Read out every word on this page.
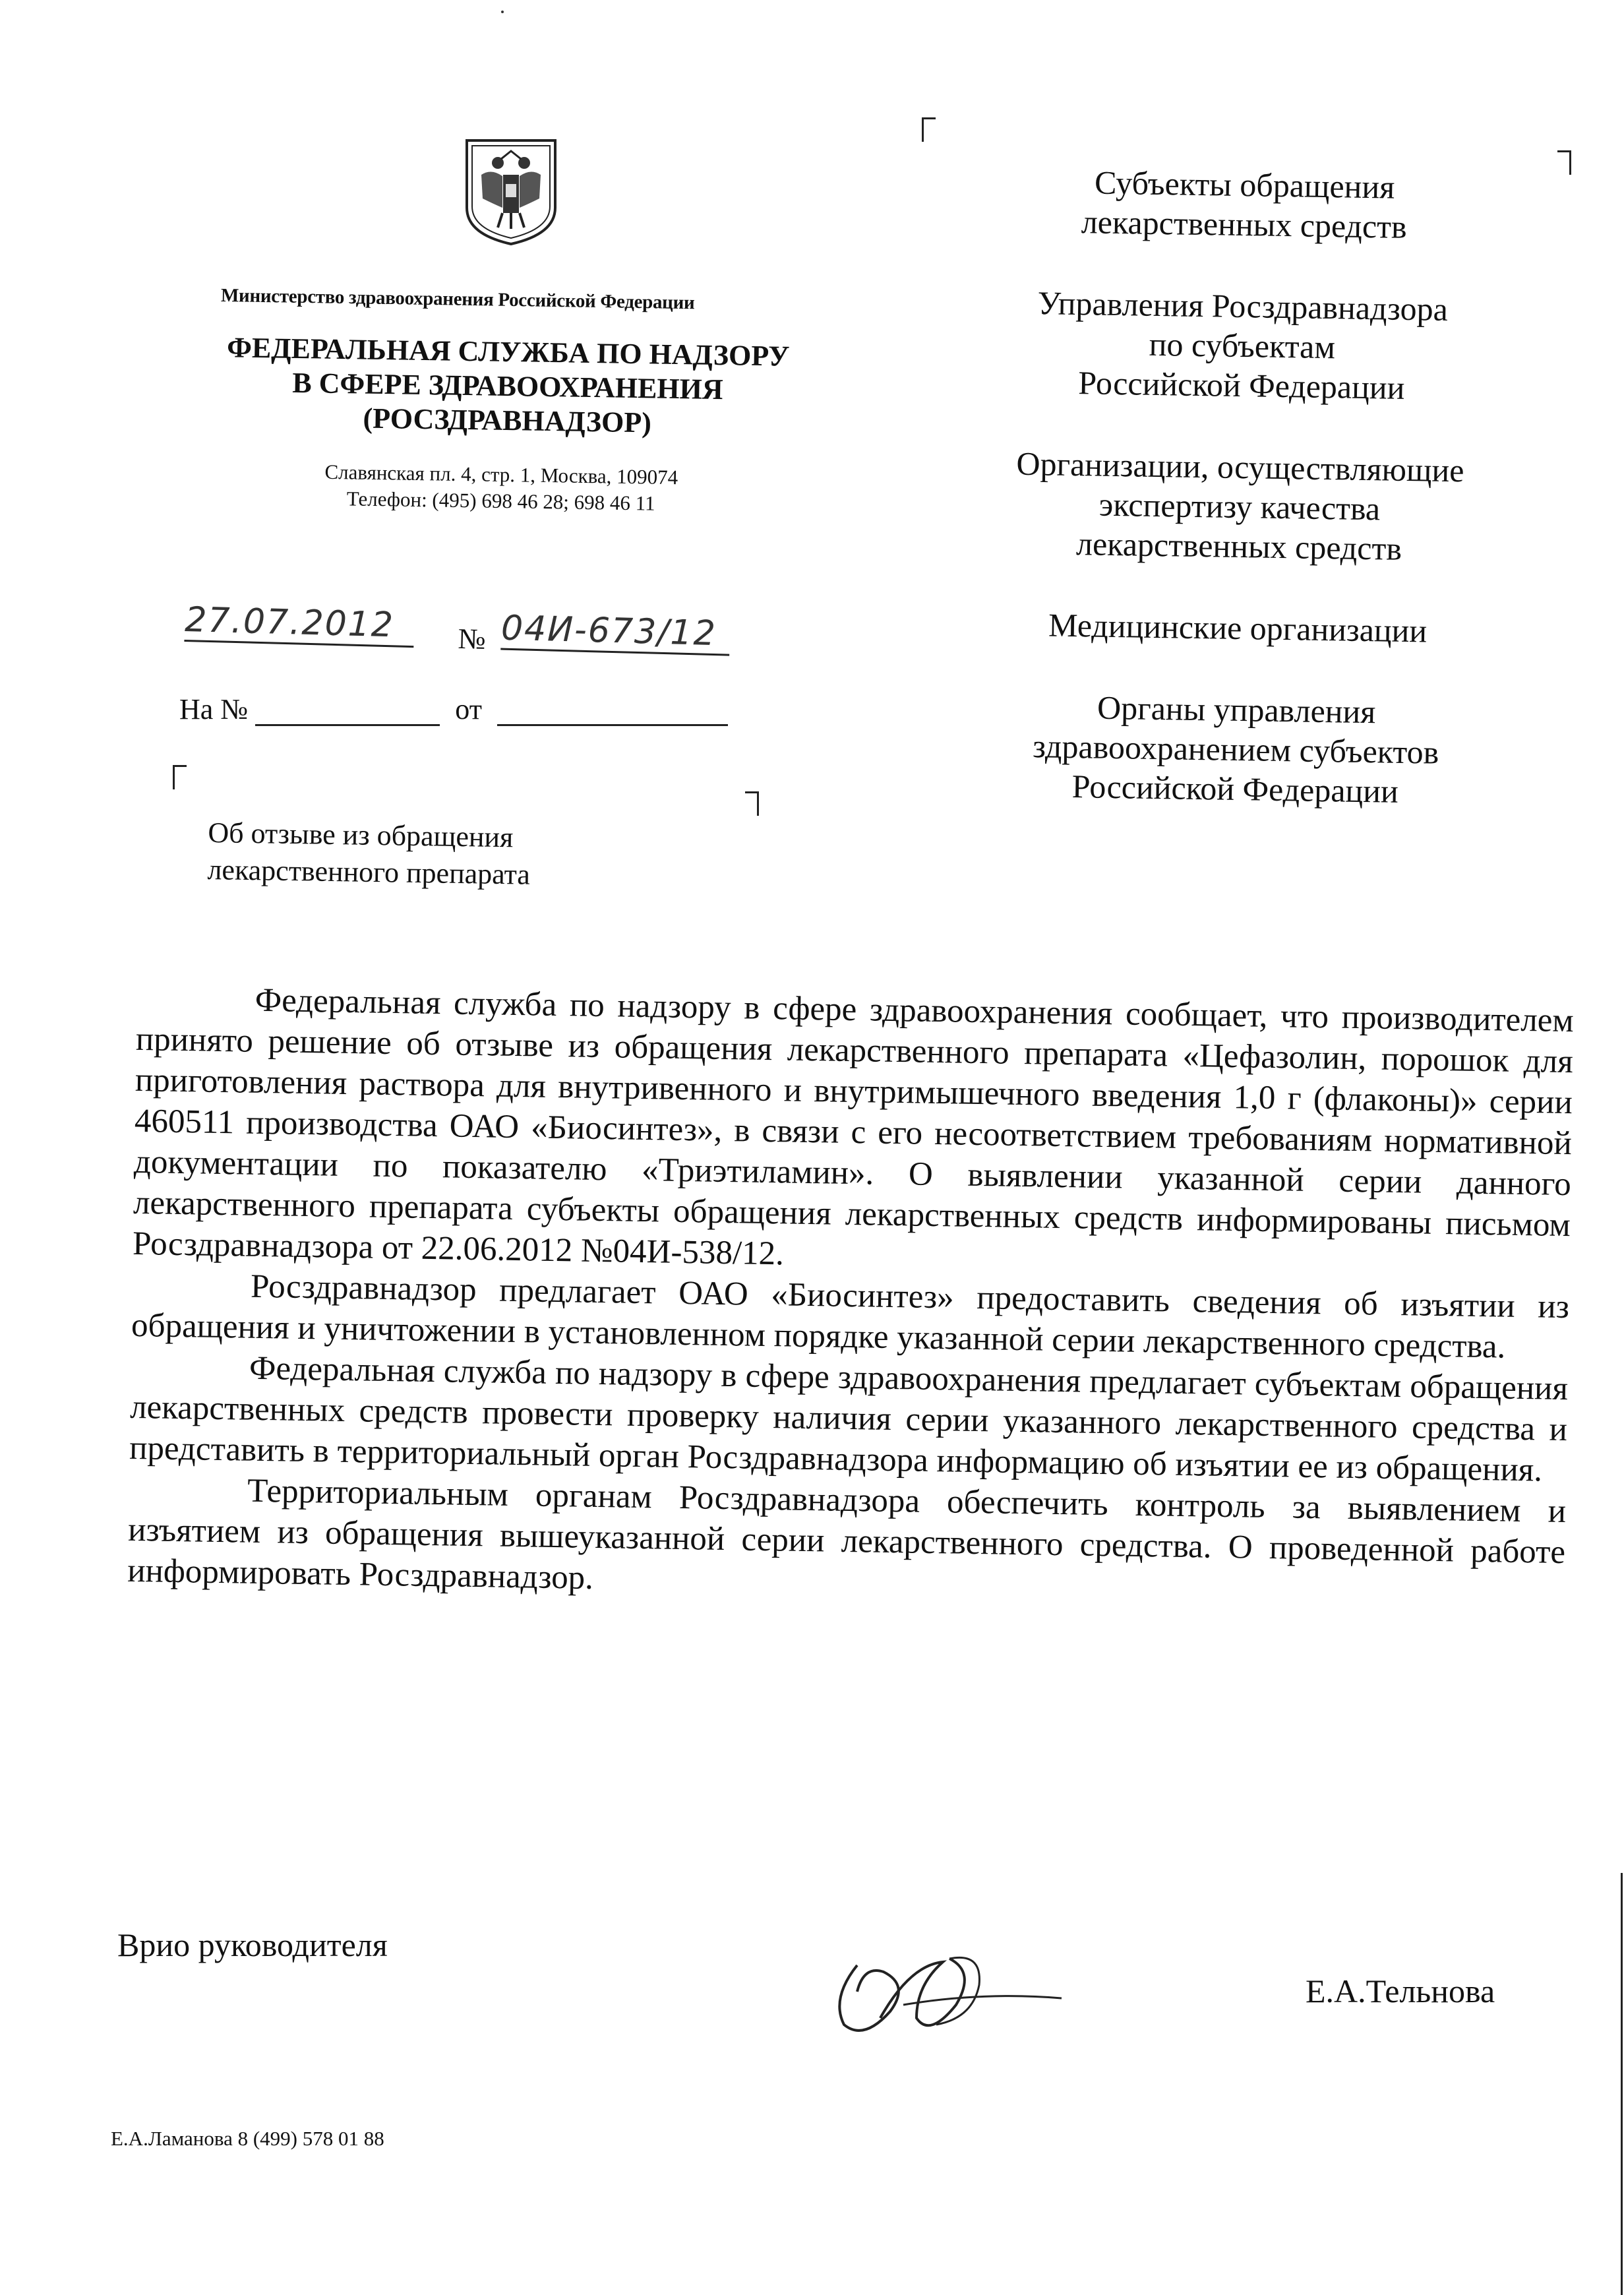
Министерство здравоохранения Российской Федерации
ФЕДЕРАЛЬНАЯ СЛУЖБА ПО НАДЗОРУ
В СФЕРЕ ЗДРАВООХРАНЕНИЯ
(РОСЗДРАВНАДЗОР)
Славянская пл. 4, стр. 1, Москва, 109074
Телефон: (495) 698 46 28; 698 46 11
27.07.2012	№ 04И-673/12
На №	от
Об отзыве из обращения
лекарственного препарата
Субъекты обращения
лекарственных средств
Управления Росздравнадзора
по субъектам
Российской Федерации
Организации, осуществляющие
экспертизу качества
лекарственных средств
Медицинские организации
Органы управления
здравоохранением субъектов
Российской Федерации

Федеральная служба по надзору в сфере здравоохранения сообщает, что производителем принято решение об отзыве из обращения лекарственного препарата «Цефазолин, порошок для приготовления раствора для внутривенного и внутримышечного введения 1,0 г (флаконы)» серии 460511 производства ОАО «Биосинтез», в связи с его несоответствием требованиям нормативной документации по показателю «Триэтиламин». О выявлении указанной серии данного лекарственного препарата субъекты обращения лекарственных средств информированы письмом Росздравнадзора от 22.06.2012 №04И-538/12.

Росздравнадзор предлагает ОАО «Биосинтез» предоставить сведения об изъятии из обращения и уничтожении в установленном порядке указанной серии лекарственного средства.

Федеральная служба по надзору в сфере здравоохранения предлагает субъектам обращения лекарственных средств провести проверку наличия серии указанного лекарственного средства и представить в территориальный орган Росздравнадзора информацию об изъятии ее из обращения.

Территориальным органам Росздравнадзора обеспечить контроль за выявлением и изъятием из обращения вышеуказанной серии лекарственного средства. О проведенной работе информировать Росздравнадзор.

Врио руководителя
Е.А.Тельнова
Е.А.Ламанова 8 (499) 578 01 88
